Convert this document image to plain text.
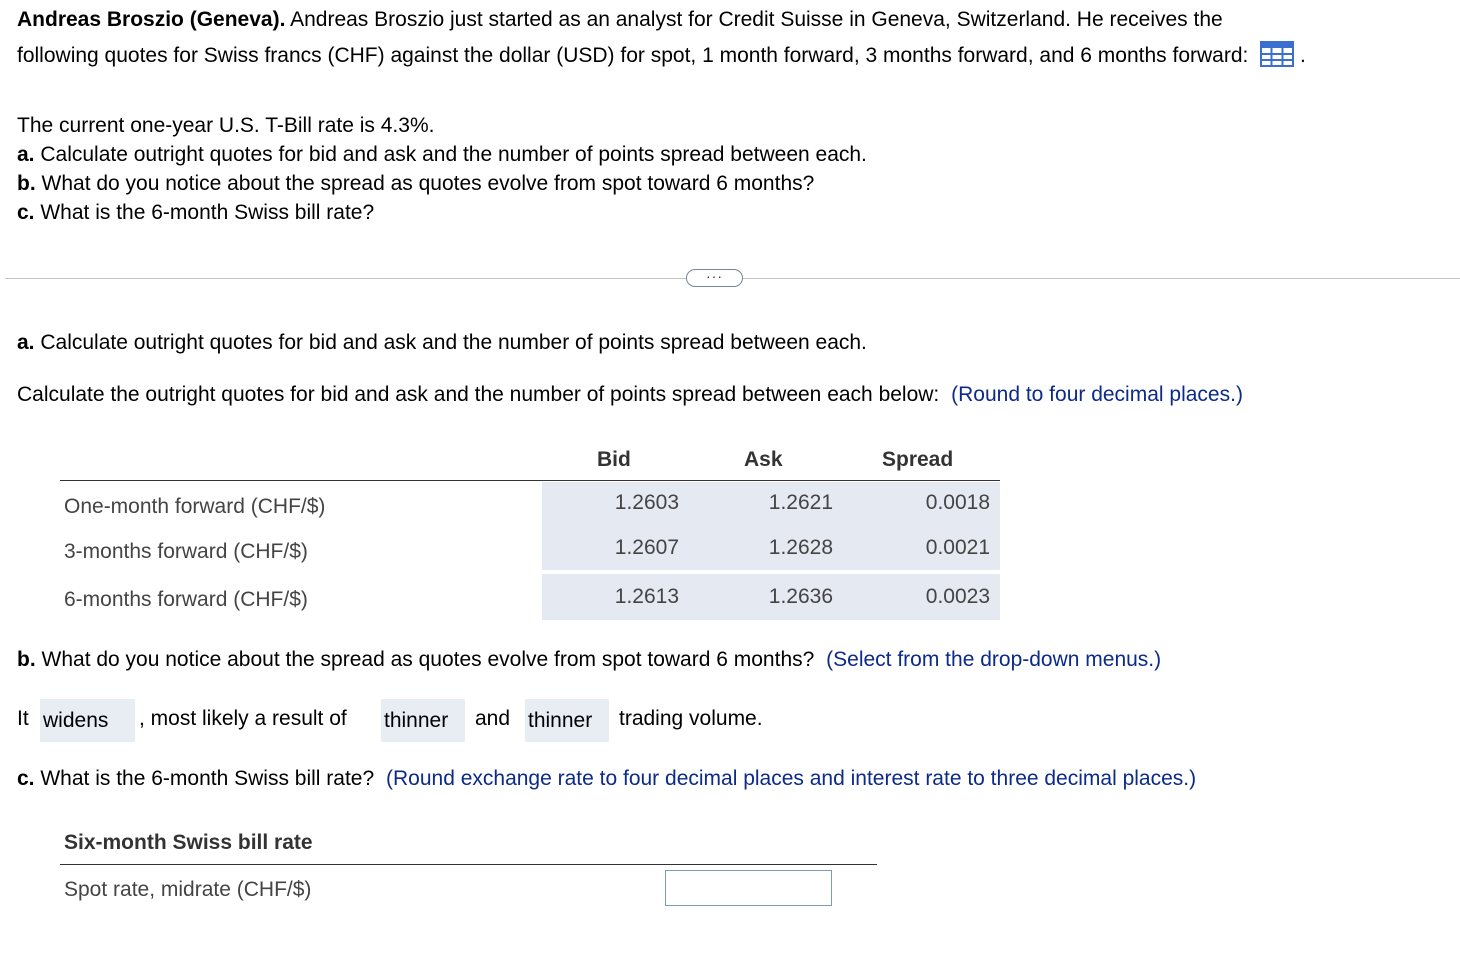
Andreas Broszio (Geneva). Andreas Broszio just started as an analyst for Credit Suisse in Geneva, Switzerland. He receives the
following quotes for Swiss francs (CHF) against the dollar (USD) for spot, 1 month forward, 3 months forward, and 6 months forward: .
The current one-year U.S. T-Bill rate is 4.3%.
a. Calculate outright quotes for bid and ask and the number of points spread between each.
b. What do you notice about the spread as quotes evolve from spot toward 6 months?
c. What is the 6-month Swiss bill rate?
···
a. Calculate outright quotes for bid and ask and the number of points spread between each.
Calculate the outright quotes for bid and ask and the number of points spread between each below: (Round to four decimal places.)
Bid	Ask	Spread
One-month forward (CHF/$)	1.2603	1.2621	0.0018
3-months forward (CHF/$)	1.2607	1.2628	0.0021
6-months forward (CHF/$)	1.2613	1.2636	0.0023
b. What do you notice about the spread as quotes evolve from spot toward 6 months? (Select from the drop-down menus.)
It widens	, most likely a result of thinner	and thinner	trading volume.
c. What is the 6-month Swiss bill rate? (Round exchange rate to four decimal places and interest rate to three decimal places.)
Six-month Swiss bill rate
Spot rate, midrate (CHF/$)
